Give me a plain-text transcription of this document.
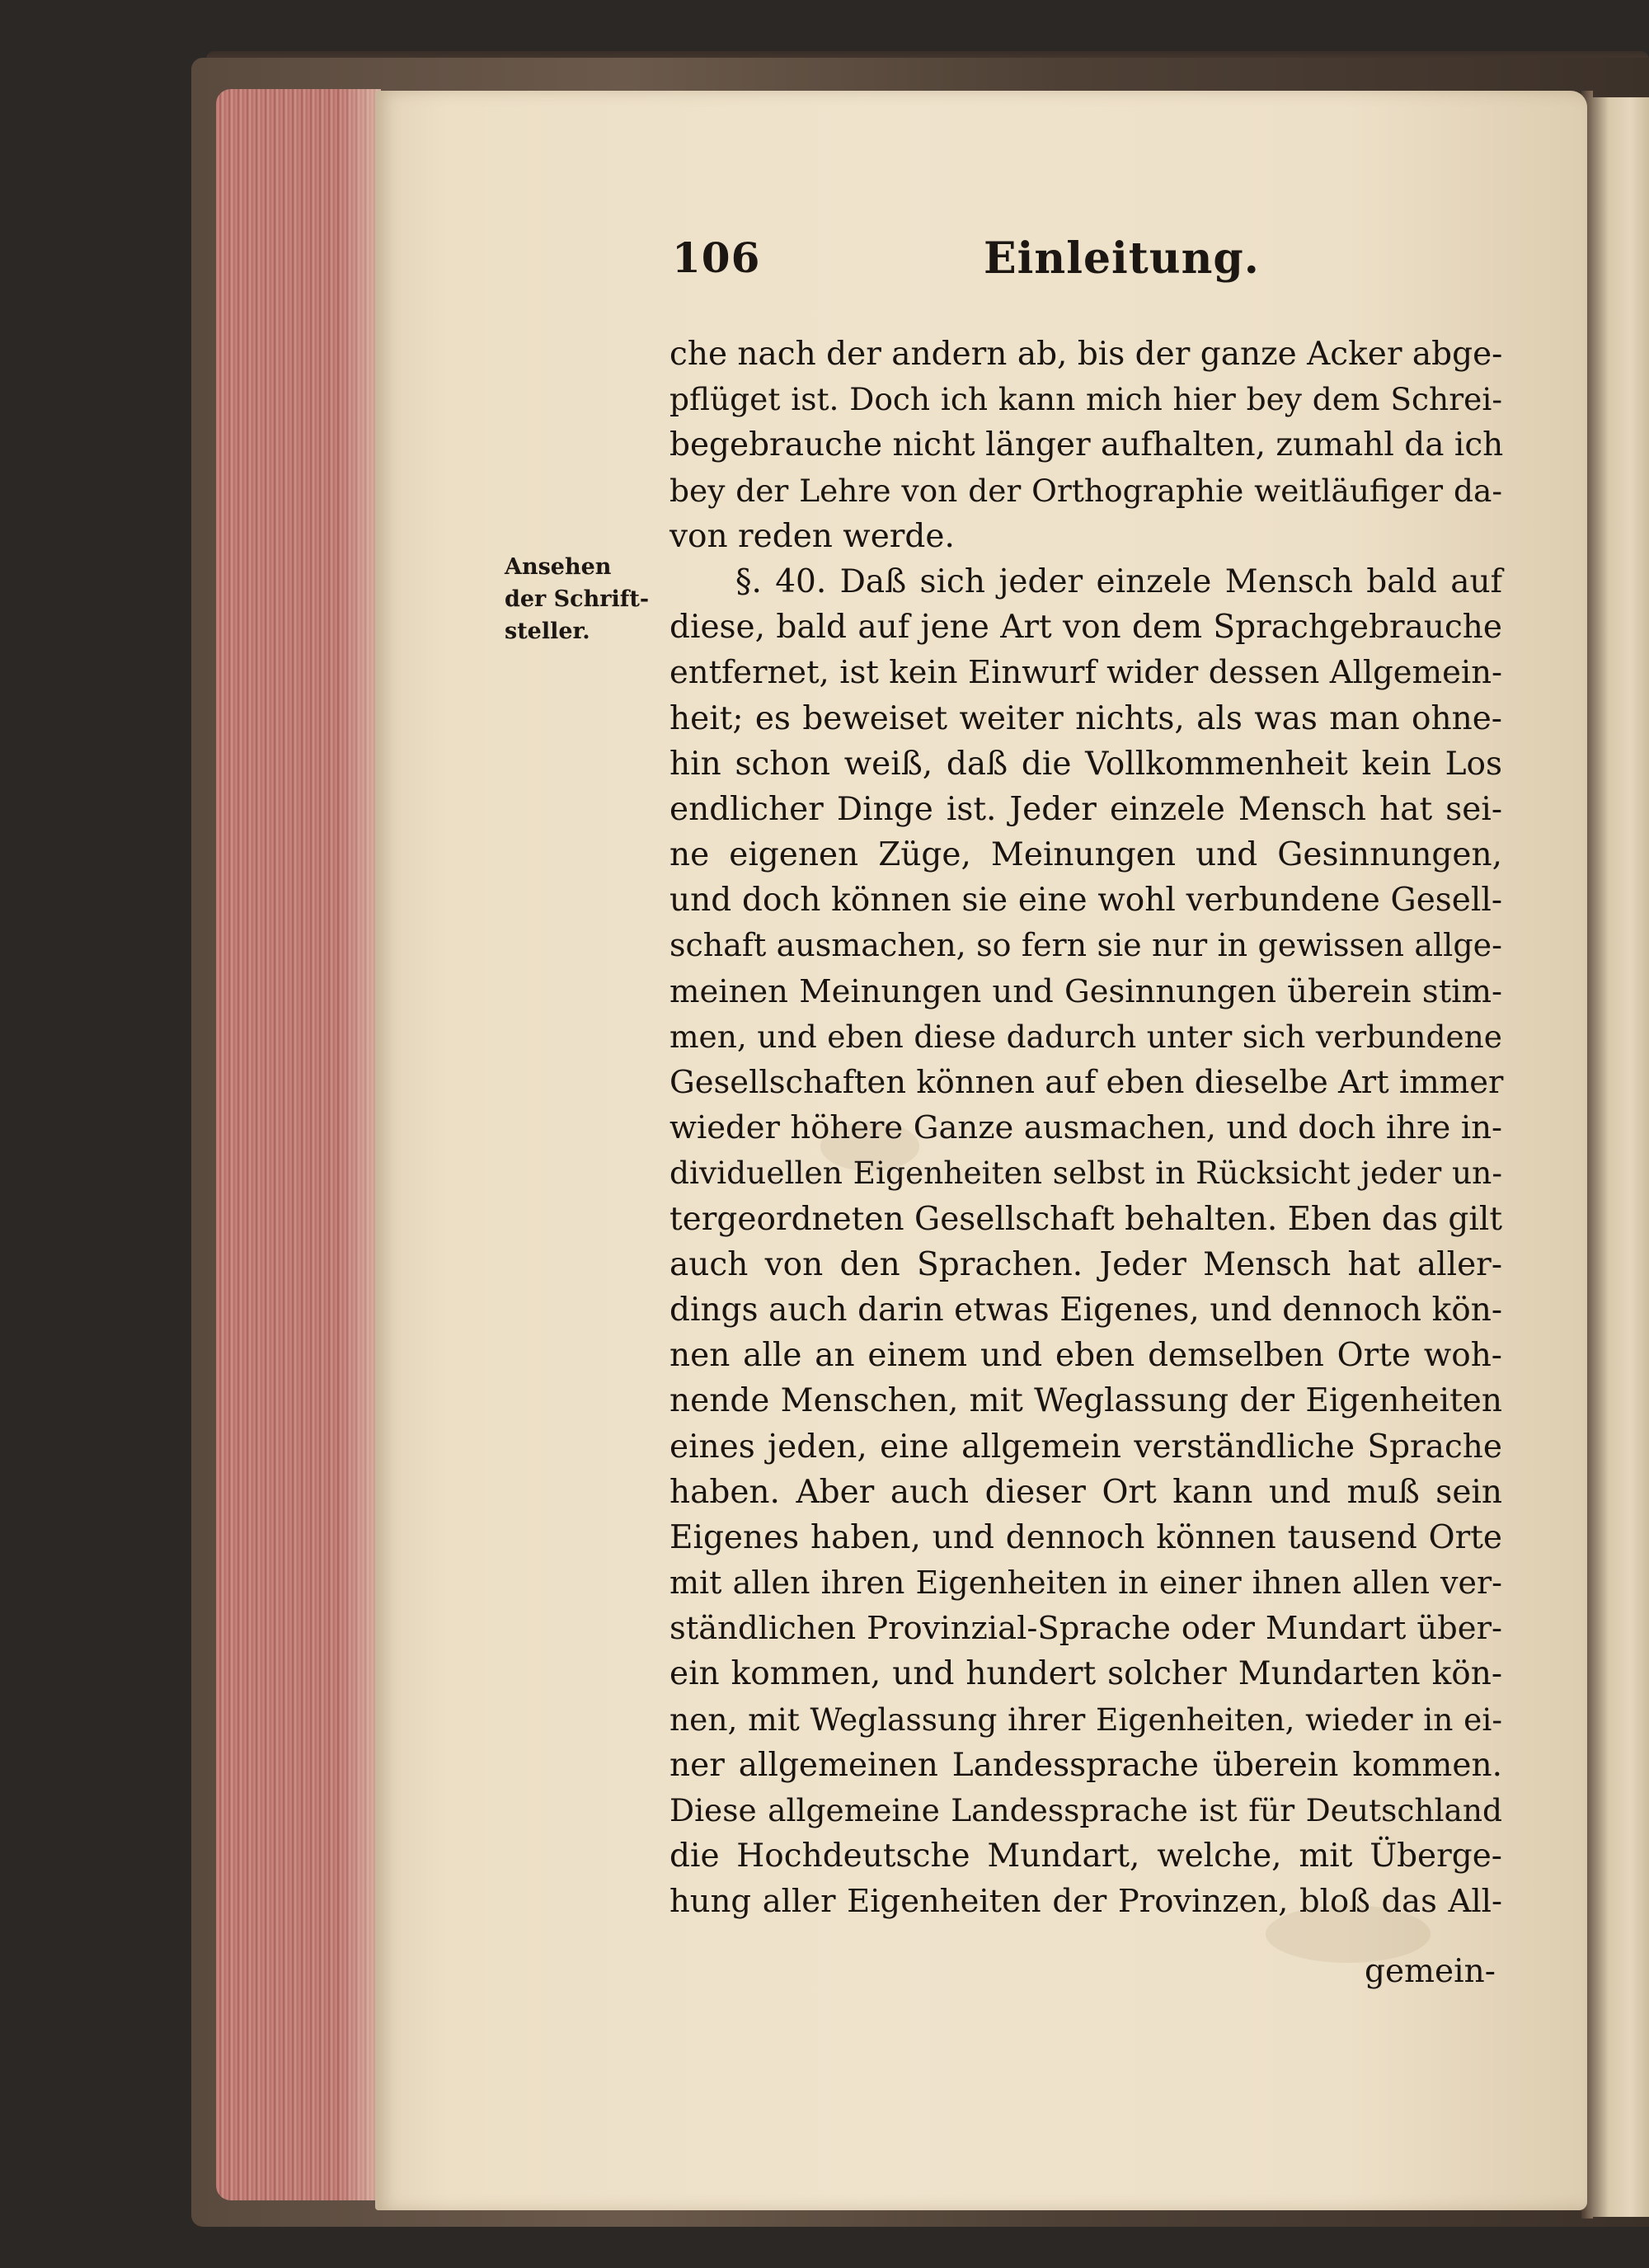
106	Einleitung.
Ansehen
der Schrift-
steller.
che nach der andern ab, bis der ganze Acker abge-
pflüget ist. Doch ich kann mich hier bey dem Schrei-
begebrauche nicht länger aufhalten, zumahl da ich
bey der Lehre von der Orthographie weitläufiger da-
von reden werde.
§. 40. Daß sich jeder einzele Mensch bald auf
diese, bald auf jene Art von dem Sprachgebrauche
entfernet, ist kein Einwurf wider dessen Allgemein-
heit; es beweiset weiter nichts, als was man ohne-
hin schon weiß, daß die Vollkommenheit kein Los
endlicher Dinge ist. Jeder einzele Mensch hat sei-
ne eigenen Züge, Meinungen und Gesinnungen,
und doch können sie eine wohl verbundene Gesell-
schaft ausmachen, so fern sie nur in gewissen allge-
meinen Meinungen und Gesinnungen überein stim-
men, und eben diese dadurch unter sich verbundene
Gesellschaften können auf eben dieselbe Art immer
wieder höhere Ganze ausmachen, und doch ihre in-
dividuellen Eigenheiten selbst in Rücksicht jeder un-
tergeordneten Gesellschaft behalten. Eben das gilt
auch von den Sprachen. Jeder Mensch hat aller-
dings auch darin etwas Eigenes, und dennoch kön-
nen alle an einem und eben demselben Orte woh-
nende Menschen, mit Weglassung der Eigenheiten
eines jeden, eine allgemein verständliche Sprache
haben. Aber auch dieser Ort kann und muß sein
Eigenes haben, und dennoch können tausend Orte
mit allen ihren Eigenheiten in einer ihnen allen ver-
ständlichen Provinzial-Sprache oder Mundart über-
ein kommen, und hundert solcher Mundarten kön-
nen, mit Weglassung ihrer Eigenheiten, wieder in ei-
ner allgemeinen Landessprache überein kommen.
Diese allgemeine Landessprache ist für Deutschland
die Hochdeutsche Mundart, welche, mit Überge-
hung aller Eigenheiten der Provinzen, bloß das All-
gemein-
